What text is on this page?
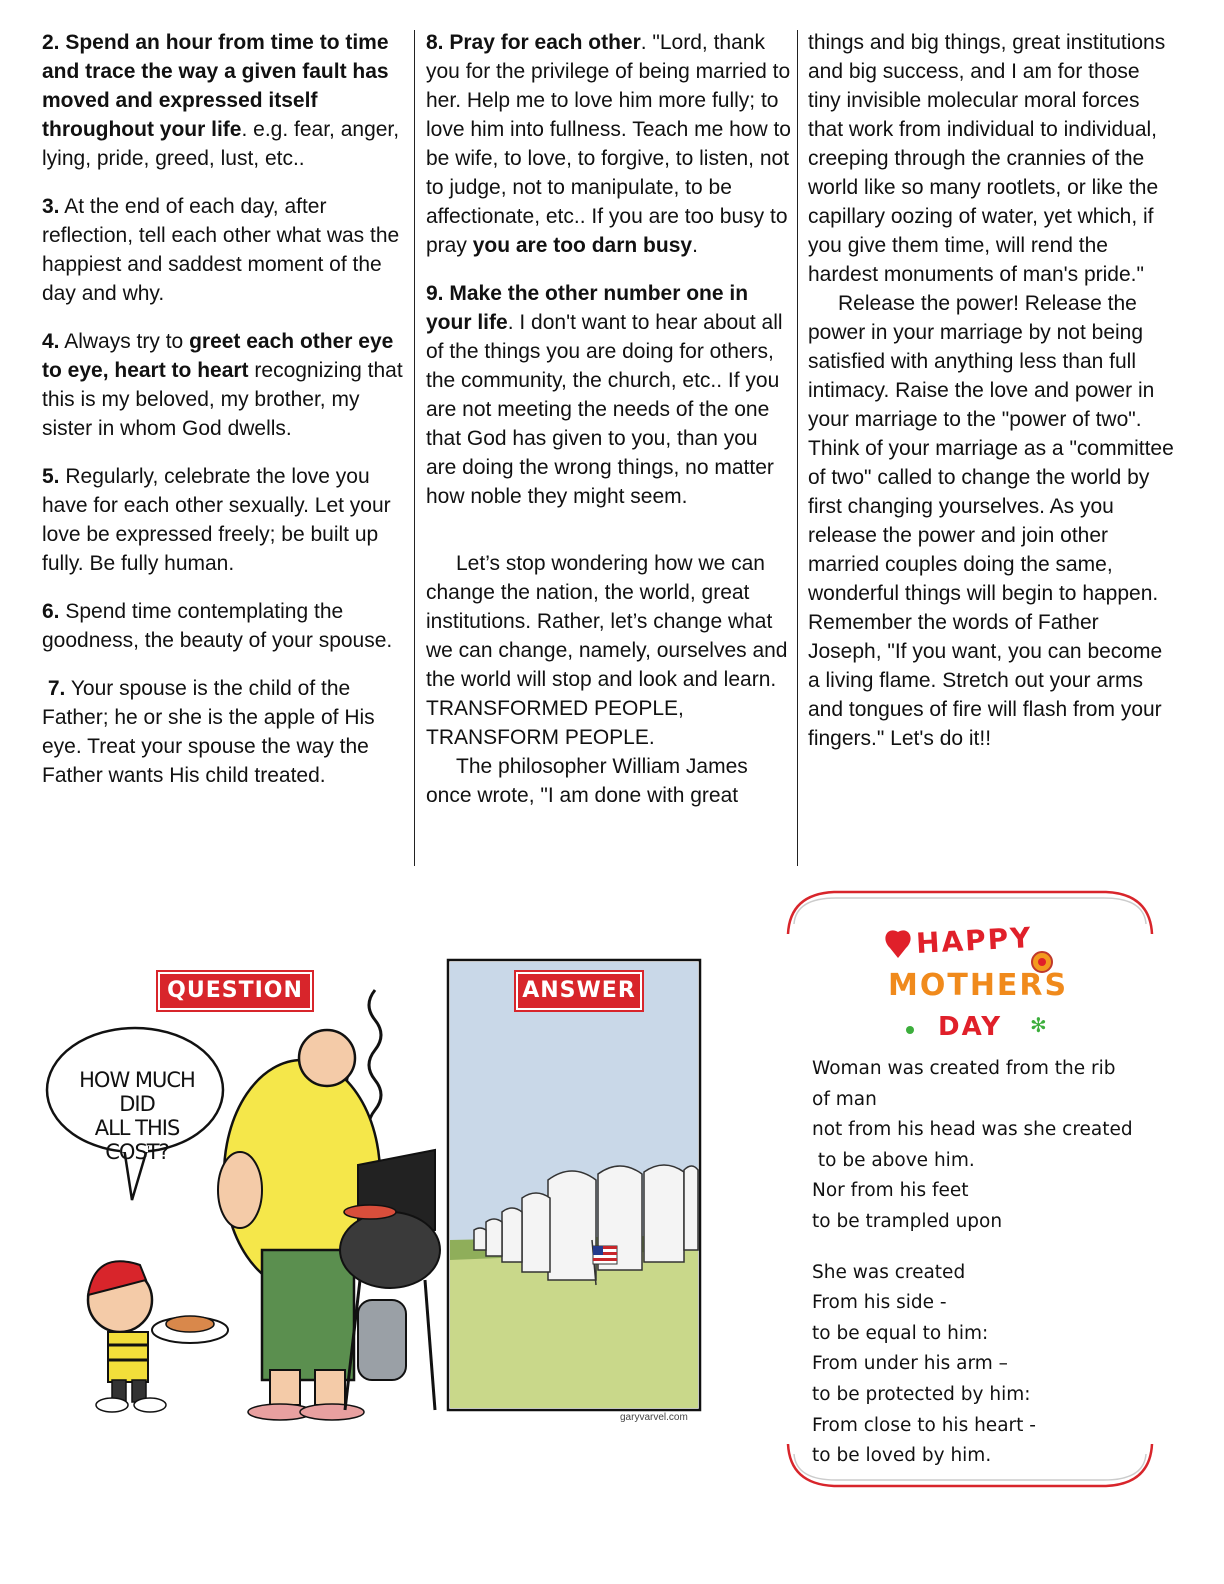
2. Spend an hour from time to time and trace the way a given fault has moved and expressed itself throughout your life. e.g. fear, anger, lying, pride, greed, lust, etc..

3. At the end of each day, after reflection, tell each other what was the happiest and saddest moment of the day and why.

4. Always try to greet each other eye to eye, heart to heart recognizing that this is my beloved, my brother, my sister in whom God dwells.

5. Regularly, celebrate the love you have for each other sexually. Let your love be expressed freely; be built up fully. Be fully human.

6. Spend time contemplating the goodness, the beauty of your spouse.

7. Your spouse is the child of the Father; he or she is the apple of His eye. Treat your spouse the way the Father wants His child treated.

8. Pray for each other. "Lord, thank you for the privilege of being married to her. Help me to love him more fully; to love him into fullness. Teach me how to be wife, to love, to forgive, to listen, not to judge, not to manipulate, to be affectionate, etc.. If you are too busy to pray you are too darn busy.

9. Make the other number one in your life. I don't want to hear about all of the things you are doing for others, the community, the church, etc.. If you are not meeting the needs of the one that God has given to you, than you are doing the wrong things, no matter how noble they might seem.

Let’s stop wondering how we can change the nation, the world, great institutions. Rather, let’s change what we can change, namely, ourselves and the world will stop and look and learn. TRANSFORMED PEOPLE, TRANSFORM PEOPLE.

The philosopher William James once wrote, "I am done with great

things and big things, great institutions and big success, and I am for those tiny invisible molecular moral forces that work from individual to individual, creeping through the crannies of the world like so many rootlets, or like the capillary oozing of water, yet which, if you give them time, will rend the hardest monuments of man's pride."

Release the power! Release the power in your marriage by not being satisfied with anything less than full intimacy. Raise the love and power in your marriage to the "power of two". Think of your marriage as a "committee of two" called to change the world by first changing yourselves. As you release the power and join other married couples doing the same, wonderful things will begin to happen. Remember the words of Father Joseph, "If you want, you can become a living flame. Stretch out your arms and tongues of fire will flash from your fingers." Let's do it!!

QUESTION	ANSWER
HOW MUCH DID
ALL THIS COST?
garyvarvel.com
✻
HAPPY
MOTHERS
DAY

Woman was created from the rib

of man

not from his head was she created

to be above him.

Nor from his feet

to be trampled upon

She was created

From his side -

to be equal to him:

From under his arm –

to be protected by him:

From close to his heart -

to be loved by him.
